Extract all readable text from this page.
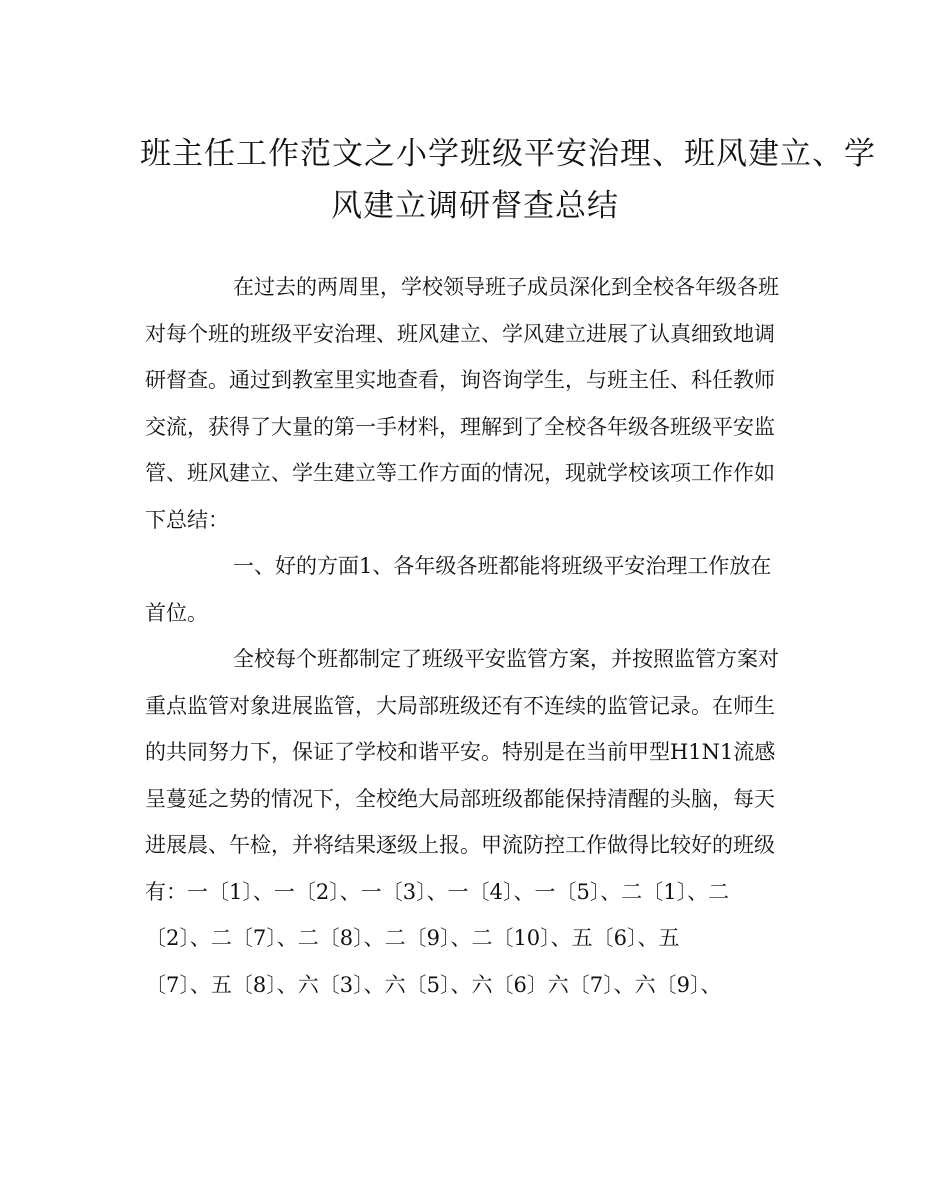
班主任工作范文之小学班级平安治理、班风建立、学
风建立调研督查总结
在过去的两周里，学校领导班子成员深化到全校各年级各班
对每个班的班级平安治理、班风建立、学风建立进展了认真细致地调
研督查。通过到教室里实地查看，询咨询学生，与班主任、科任教师
交流，获得了大量的第一手材料，理解到了全校各年级各班级平安监
管、班风建立、学生建立等工作方面的情况，现就学校该项工作作如
下总结：
一、好的方面1、各年级各班都能将班级平安治理工作放在
首位。
全校每个班都制定了班级平安监管方案，并按照监管方案对
重点监管对象进展监管，大局部班级还有不连续的监管记录。在师生
的共同努力下，保证了学校和谐平安。特别是在当前甲型H1N1流感
呈蔓延之势的情况下，全校绝大局部班级都能保持清醒的头脑，每天
进展晨、午检，并将结果逐级上报。甲流防控工作做得比较好的班级
有：一〔1〕、一〔2〕、一〔3〕、一〔4〕、一〔5〕、二〔1〕、二
〔2〕、二〔7〕、二〔8〕、二〔9〕、二〔10〕、五〔6〕、五
〔7〕、五〔8〕、六〔3〕、六〔5〕、六〔6〕六〔7〕、六〔9〕、
